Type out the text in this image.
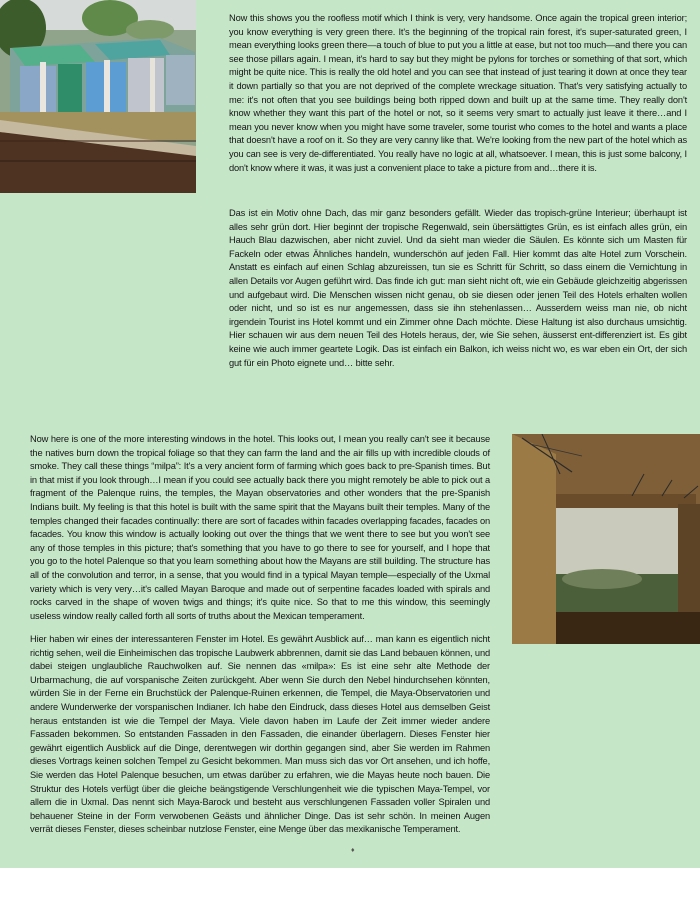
Now this shows you the roofless motif which I think is very, very handsome. Once again the tropical green interior; you know everything is very green there. It's the beginning of the tropical rain forest, it's super-saturated green, I mean everything looks green there—a touch of blue to put you a little at ease, but not too much—and there you can see those pillars again. I mean, it's hard to say but they might be pylons for torches or something of that sort, which might be quite nice. This is really the old hotel and you can see that instead of just tearing it down at once they tear it down partially so that you are not deprived of the complete wreckage situation. That's very satisfying actually to me: it's not often that you see buildings being both ripped down and built up at the same time. They really don't know whether they want this part of the hotel or not, so it seems very smart to actually just leave it there…and I mean you never know when you might have some traveler, some tourist who comes to the hotel and wants a place that doesn't have a roof on it. So they are very canny like that. We're looking from the new part of the hotel which as you can see is very de-differentiated. You really have no logic at all, whatsoever. I mean, this is just some balcony, I don't know where it was, it was just a convenient place to take a picture from and…there it is.

Das ist ein Motiv ohne Dach, das mir ganz besonders gefällt. Wieder das tropisch-grüne Interieur; überhaupt ist alles sehr grün dort. Hier beginnt der tropische Regenwald, sein übersättigtes Grün, es ist einfach alles grün, ein Hauch Blau dazwischen, aber nicht zuviel. Und da sieht man wieder die Säulen. Es könnte sich um Masten für Fackeln oder etwas Ähnliches handeln, wunderschön auf jeden Fall. Hier kommt das alte Hotel zum Vorschein. Anstatt es einfach auf einen Schlag abzureissen, tun sie es Schritt für Schritt, so dass einem die Vernichtung in allen Details vor Augen geführt wird. Das finde ich gut: man sieht nicht oft, wie ein Gebäude gleichzeitig abgerissen und aufgebaut wird. Die Menschen wissen nicht genau, ob sie diesen oder jenen Teil des Hotels erhalten wollen oder nicht, und so ist es nur angemessen, dass sie ihn stehenlassen… Ausserdem weiss man nie, ob nicht irgendein Tourist ins Hotel kommt und ein Zimmer ohne Dach möchte. Diese Haltung ist also durchaus umsichtig. Hier schauen wir aus dem neuen Teil des Hotels heraus, der, wie Sie sehen, äusserst ent-differenziert ist. Es gibt keine wie auch immer geartete Logik. Das ist einfach ein Balkon, ich weiss nicht wo, es war eben ein Ort, der sich gut für ein Photo eignete und… bitte sehr.

Now here is one of the more interesting windows in the hotel. This looks out, I mean you really can't see it because the natives burn down the tropical foliage so that they can farm the land and the air fills up with incredible clouds of smoke. They call these things “milpa”: It's a very ancient form of farming which goes back to pre-Spanish times. But in that mist if you look through…I mean if you could see actually back there you might remotely be able to pick out a fragment of the Palenque ruins, the temples, the Mayan observatories and other wonders that the pre-Spanish Indians built. My feeling is that this hotel is built with the same spirit that the Mayans built their temples. Many of the temples changed their facades continually: there are sort of facades within facades overlapping facades, facades on facades. You know this window is actually looking out over the things that we went there to see but you won't see any of those temples in this picture; that's something that you have to go there to see for yourself, and I hope that you go to the hotel Palenque so that you learn something about how the Mayans are still building. The structure has all of the convolution and terror, in a sense, that you would find in a typical Mayan temple—especially of the Uxmal variety which is very very…it's called Mayan Baroque and made out of serpentine facades loaded with spirals and rocks carved in the shape of woven twigs and things; it's quite nice. So that to me this window, this seemingly useless window really called forth all sorts of truths about the Mexican temperament.

Hier haben wir eines der interessanteren Fenster im Hotel. Es gewährt Ausblick auf… man kann es eigentlich nicht richtig sehen, weil die Einheimischen das tropische Laubwerk abbrennen, damit sie das Land bebauen können, und dabei steigen unglaubliche Rauchwolken auf. Sie nennen das «milpa»: Es ist eine sehr alte Methode der Urbarmachung, die auf vorspanische Zeiten zurückgeht. Aber wenn Sie durch den Nebel hindurchsehen könnten, würden Sie in der Ferne ein Bruchstück der Palenque-Ruinen erkennen, die Tempel, die Maya-Observatorien und andere Wunderwerke der vorspanischen Indianer. Ich habe den Eindruck, dass dieses Hotel aus demselben Geist heraus entstanden ist wie die Tempel der Maya. Viele davon haben im Laufe der Zeit immer wieder andere Fassaden bekommen. So entstanden Fassaden in den Fassaden, die einander überlagern. Dieses Fenster hier gewährt eigentlich Ausblick auf die Dinge, derentwegen wir dorthin gegangen sind, aber Sie werden im Rahmen dieses Vortrags keinen solchen Tempel zu Gesicht bekommen. Man muss sich das vor Ort ansehen, und ich hoffe, Sie werden das Hotel Palenque besuchen, um etwas darüber zu erfahren, wie die Mayas heute noch bauen. Die Struktur des Hotels verfügt über die gleiche beängstigende Verschlungenheit wie die typischen Maya-Tempel, vor allem die in Uxmal. Das nennt sich Maya-Barock und besteht aus verschlungenen Fassaden voller Spiralen und behauener Steine in der Form verwobenen Geästs und ähnlicher Dinge. Das ist sehr schön. In meinen Augen verrät dieses Fenster, dieses scheinbar nutzlose Fenster, eine Menge über das mexikanische Temperament.

♦
